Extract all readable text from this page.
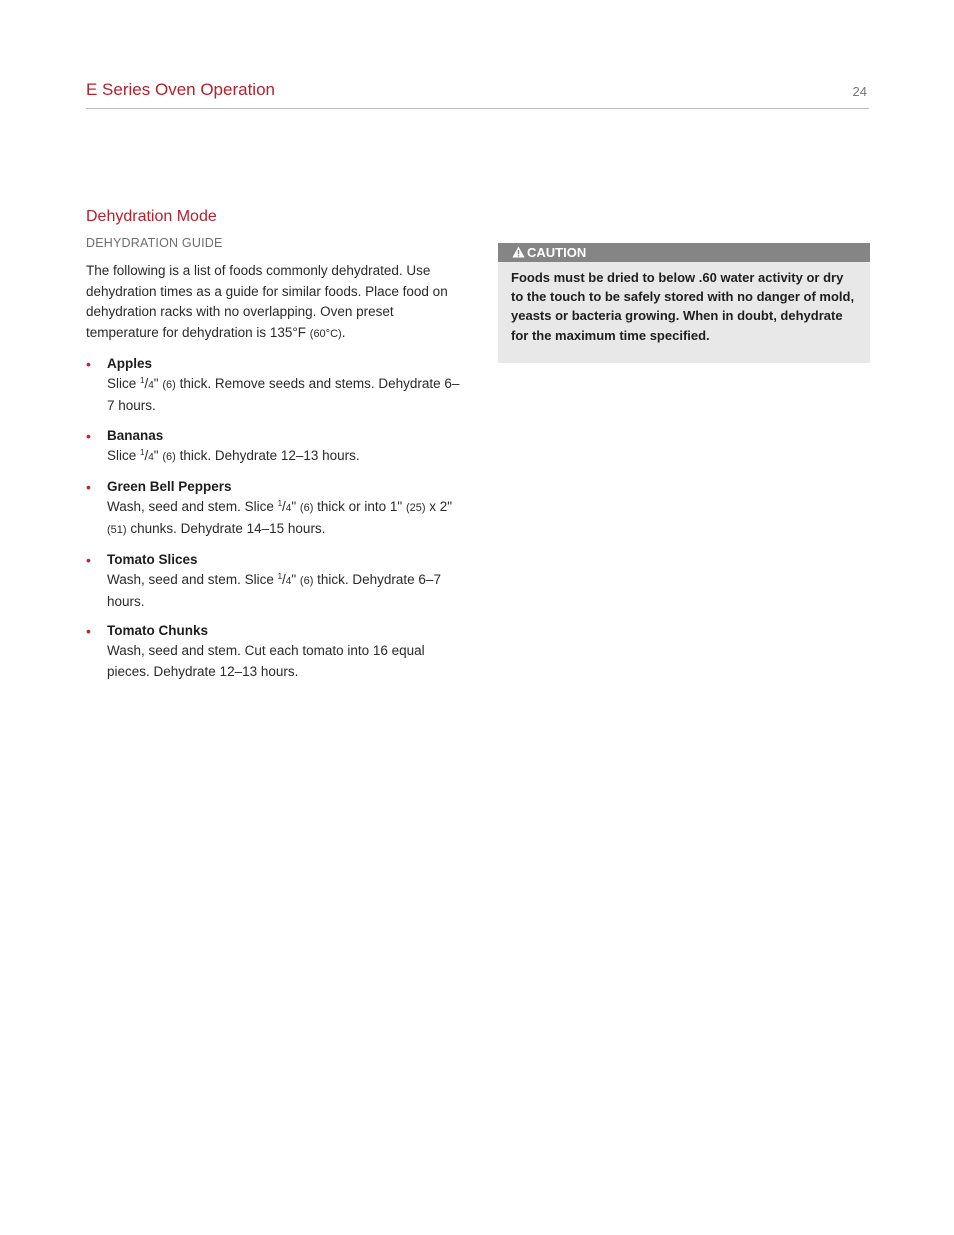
E Series Oven Operation	24
Dehydration Mode
DEHYDRATION GUIDE

The following is a list of foods commonly dehydrated. Use dehydration times as a guide for similar foods. Place food on dehydration racks with no overlapping. Oven preset temperature for dehydration is 135°F (60°C).

• Apples
Slice $^1$/4" (6) thick. Remove seeds and stems. Dehydrate 6–7 hours.
• Bananas
Slice $^1$/4" (6) thick. Dehydrate 12–13 hours.
• Green Bell Peppers
Wash, seed and stem. Slice $^1$/4" (6) thick or into 1" (25) x 2" (51) chunks. Dehydrate 14–15 hours.
• Tomato Slices
Wash, seed and stem. Slice $^1$/4" (6) thick. Dehydrate 6–7 hours.
• Tomato Chunks
Wash, seed and stem. Cut each tomato into 16 equal pieces. Dehydrate 12–13 hours.
CAUTION
Foods must be dried to below .60 water activity or dry to the touch to be safely stored with no danger of mold, yeasts or bacteria growing. When in doubt, dehydrate for the maximum time specified.
